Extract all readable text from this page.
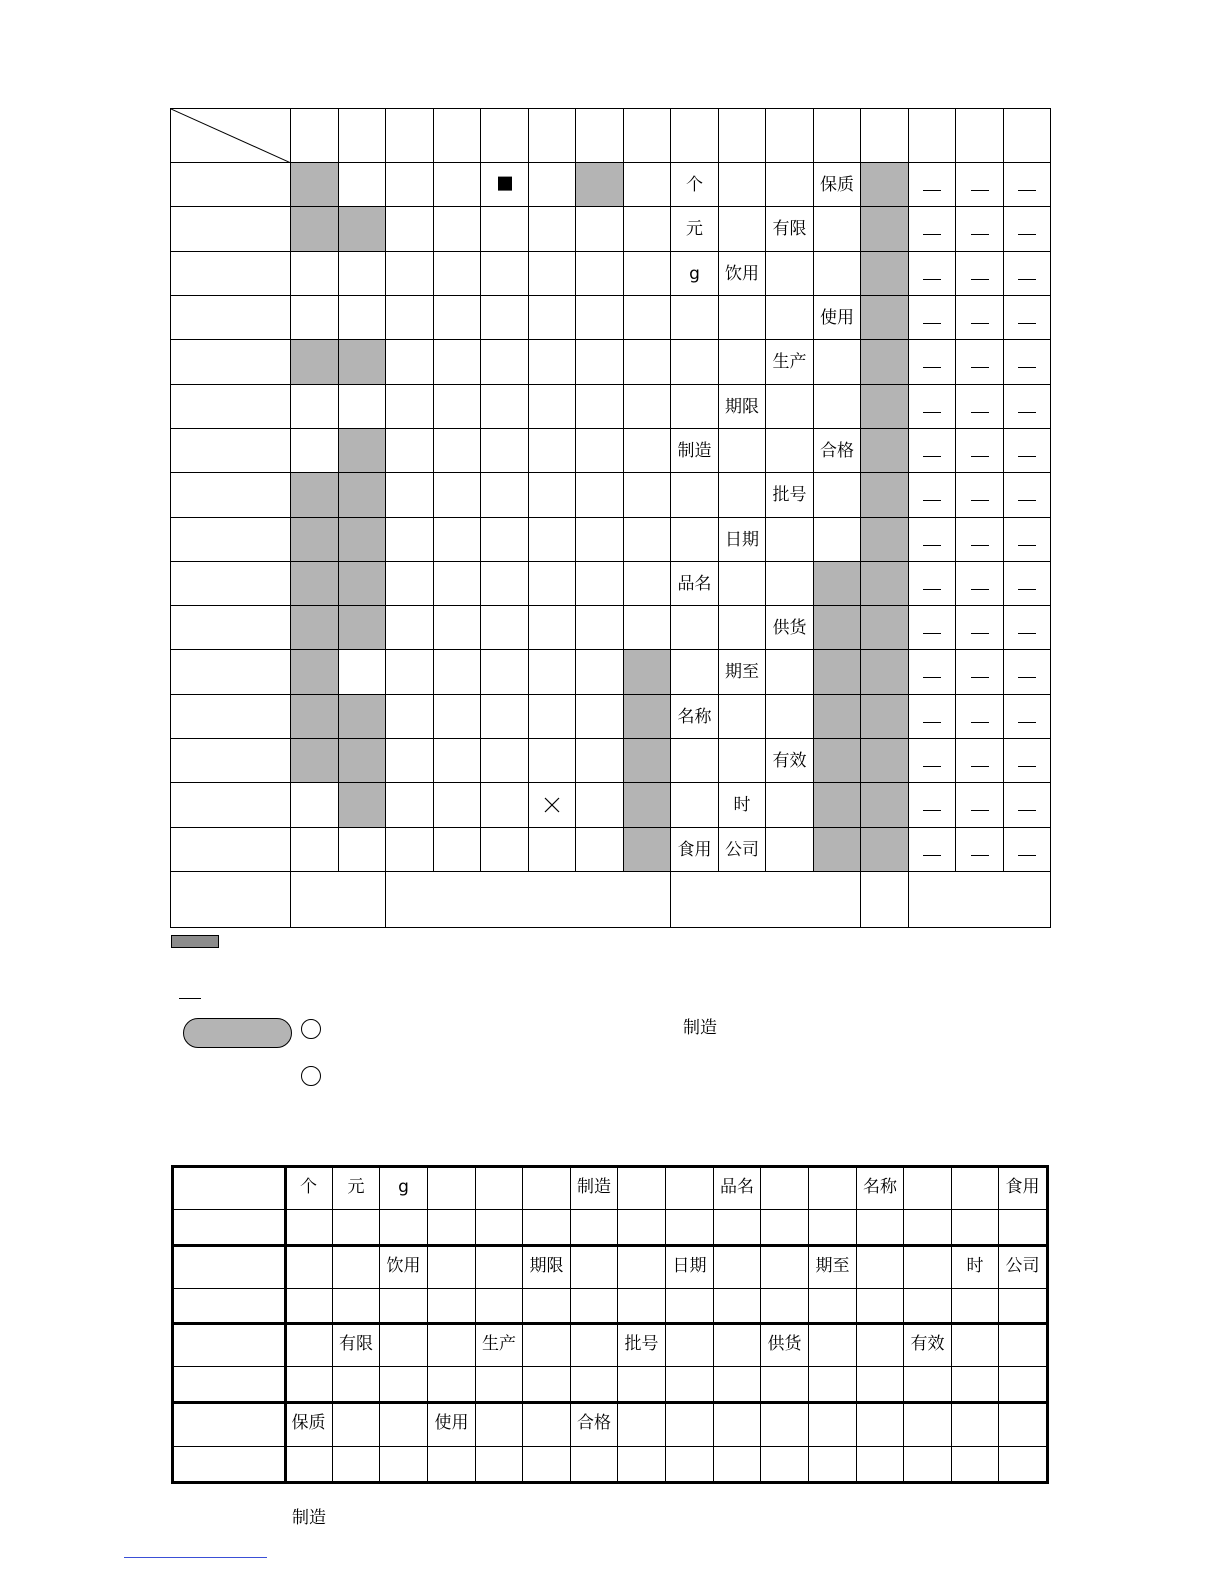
个	保质
元	有限
g	饮用
使用
生产
期限
制造	合格
批号
日期
品名
供货
期至
名称
有效
时
食用 公司
制造
个	元	g	制造	品名	名称	食用
饮用	期限	日期	期至	时	公司
有限	生产	批号	供货	有效
保质	使用	合格
制造
